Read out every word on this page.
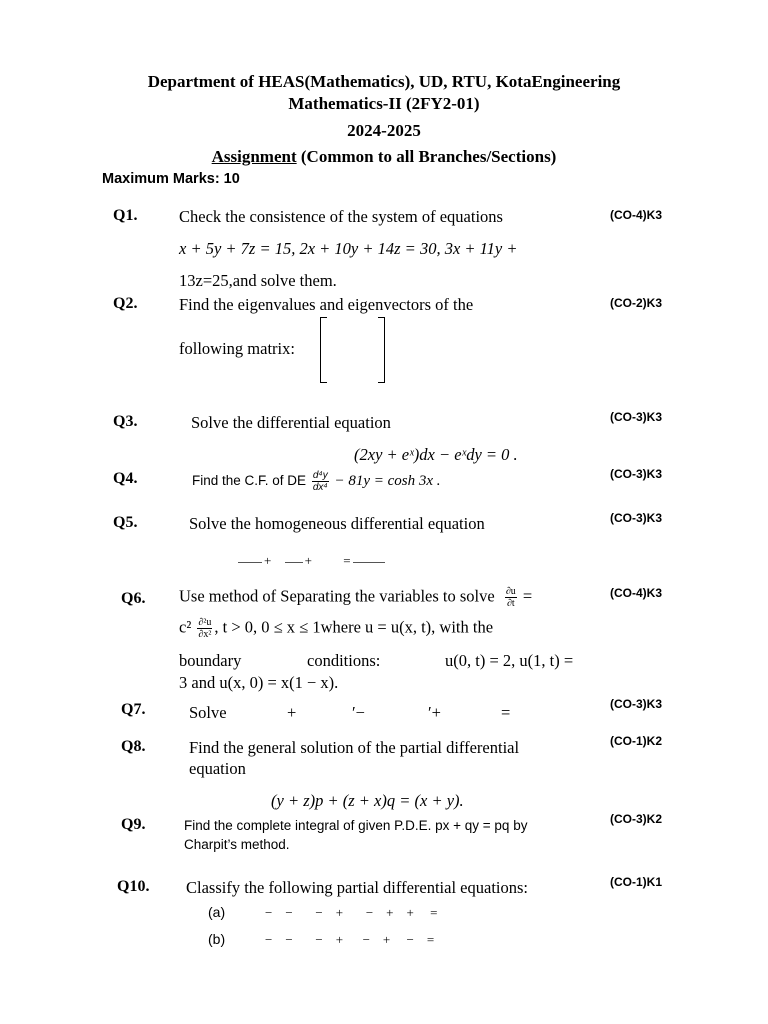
Department of HEAS(Mathematics), UD, RTU, KotaEngineering
Mathematics-II (2FY2-01)
2024-2025
Assignment (Common to all Branches/Sections)
Maximum Marks: 10
Q1.	Check the consistence of the system of equations	(CO-4)K3
x + 5y + 7z = 15, 2x + 10y + 14z = 30, 3x + 11y +
13z=25,and solve them.
Q2.	Find the eigenvalues and eigenvectors of the	(CO-2)K3
following matrix:
Q3.	Solve the differential equation	(CO-3)K3
(2xy + eˣ)dx − eˣdy = 0 .
Q4.	(CO-3)K3
Find the C.F. of DE $\frac{\text{d⁴y}}{\text{dx⁴}} - 81y = \cosh 3x$ .
Q5.	Solve the homogeneous differential equation	(CO-3)K3
+	+ =
Q6.	(CO-4)K3
Use method of Separating the variables to solve $\frac{\partial u}{\partial t}$ =
$c^2 \frac{\text{∂²u}}{\text{∂x²}}$ , t > 0, 0 ≤ x ≤ 1where u = u(x, t), with the
boundary	conditions:	u(0, t) = 2, u(1, t) =
3 and u(x, 0) = x(1 − x).
Q7.	(CO-3)K3
Solve	+	′−	′+	=
Q8.	(CO-1)K2
Find the general solution of the partial differential
equation
(y + z)p + (z + x)q = (x + y).
Q9.	(CO-3)K2
Find the complete integral of given P.D.E. px + qy = pq by
Charpit’s method.
Q10.	(CO-1)K1
Classify the following partial differential equations:
(a)	−    −       −    +       −    +    +     =
(b)	−    −       −    +      −    +     −    =
